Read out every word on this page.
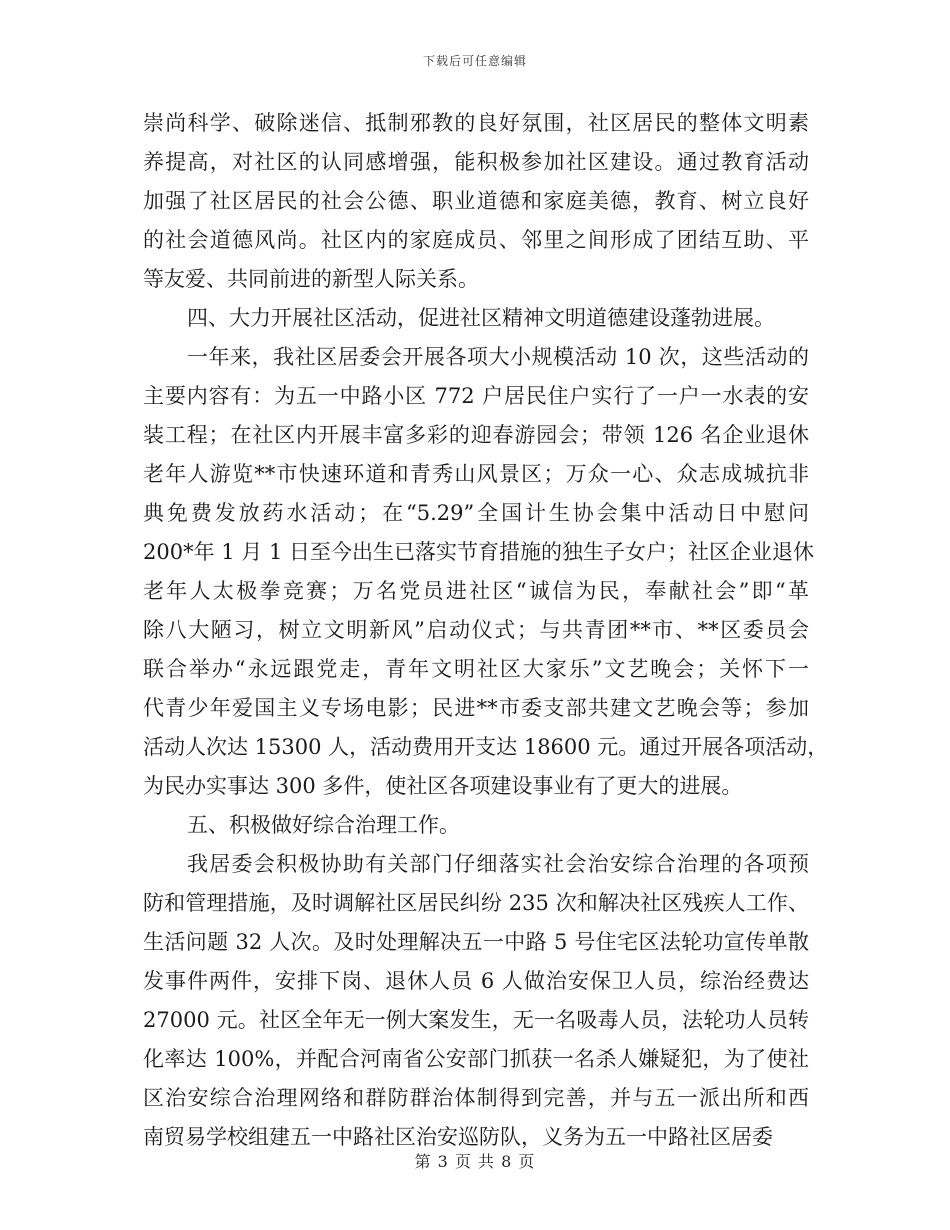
下载后可任意编辑
崇尚科学、破除迷信、抵制邪教的良好氛围，社区居民的整体文明素
养提高，对社区的认同感增强，能积极参加社区建设。通过教育活动
加强了社区居民的社会公德、职业道德和家庭美德，教育、树立良好
的社会道德风尚。社区内的家庭成员、邻里之间形成了团结互助、平
等友爱、共同前进的新型人际关系。
四、大力开展社区活动，促进社区精神文明道德建设蓬勃进展。
一年来，我社区居委会开展各项大小规模活动 10 次，这些活动的
主要内容有：为五一中路小区 772 户居民住户实行了一户一水表的安
装工程；在社区内开展丰富多彩的迎春游园会；带领 126 名企业退休
老年人游览**市快速环道和青秀山风景区；万众一心、众志成城抗非
典免费发放药水活动；在“5.29”全国计生协会集中活动日中慰问
200*年 1 月 1 日至今出生已落实节育措施的独生子女户；社区企业退休
老年人太极拳竞赛；万名党员进社区“诚信为民，奉献社会”即“革
除八大陋习，树立文明新风”启动仪式；与共青团**市、**区委员会
联合举办“永远跟党走，青年文明社区大家乐”文艺晚会；关怀下一
代青少年爱国主义专场电影；民进**市委支部共建文艺晚会等；参加
活动人次达 15300 人，活动费用开支达 18600 元。通过开展各项活动，
为民办实事达 300 多件，使社区各项建设事业有了更大的进展。
五、积极做好综合治理工作。
我居委会积极协助有关部门仔细落实社会治安综合治理的各项预
防和管理措施，及时调解社区居民纠纷 235 次和解决社区残疾人工作、
生活问题 32 人次。及时处理解决五一中路 5 号住宅区法轮功宣传单散
发事件两件，安排下岗、退休人员 6 人做治安保卫人员，综治经费达
27000 元。社区全年无一例大案发生，无一名吸毒人员，法轮功人员转
化率达 100%，并配合河南省公安部门抓获一名杀人嫌疑犯，为了使社
区治安综合治理网络和群防群治体制得到完善，并与五一派出所和西
南贸易学校组建五一中路社区治安巡防队，义务为五一中路社区居委
第 3 页 共 8 页
